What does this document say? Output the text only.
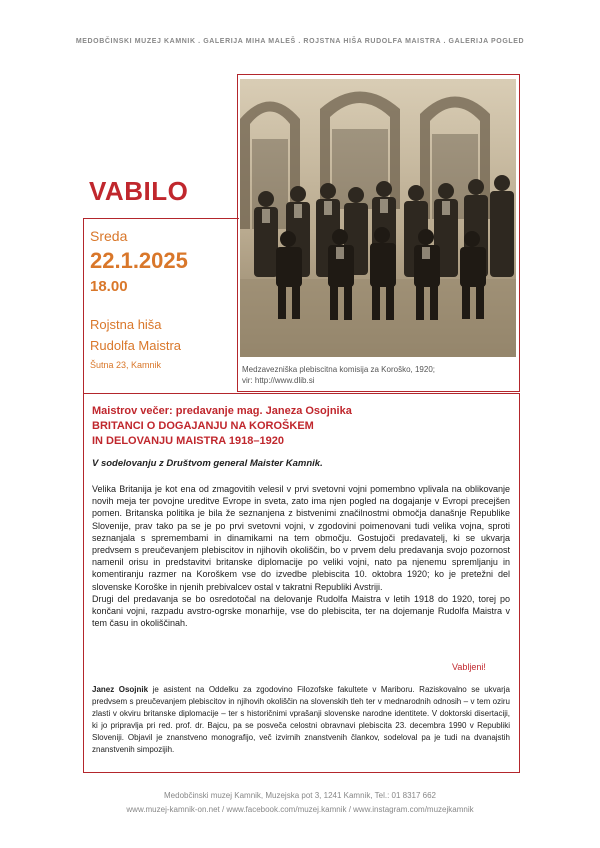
MEDOBČINSKI MUZEJ KAMNIK . GALERIJA MIHA MALEŠ . ROJSTNA HIŠA RUDOLFA MAISTRA . GALERIJA POGLED
VABILO
Sreda
22.1.2025
18.00
Rojstna hiša
Rudolfa Maistra
Šutna 23, Kamnik	Medzavezniška plebiscitna komisija za Koroško, 1920;
vir: http://www.dlib.si
Maistrov večer: predavanje mag. Janeza Osojnika
BRITANCI O DOGAJANJU NA KOROŠKEM
IN DELOVANJU MAISTRA 1918–1920
V sodelovanju z Društvom general Maister Kamnik.

Velika Britanija je kot ena od zmagovitih velesil v prvi svetovni vojni pomembno vplivala na oblikovanje novih meja ter povojne ureditve Evrope in sveta, zato ima njen pogled na dogajanje v Evropi precejšen pomen. Britanska politika je bila že seznanjena z bistvenimi značilnostmi območja današnje Republike Slovenije, prav tako pa se je po prvi svetovni vojni, v zgodovini poimenovani tudi velika vojna, sproti seznanjala s spremembami in dinamikami na tem območju. Gostujoči predavatelj, ki se ukvarja predvsem s preučevanjem plebiscitov in njihovih okoliščin, bo v prvem delu predavanja svojo pozornost namenil orisu in predstavitvi britanske diplomacije po veliki vojni, nato pa njenemu spremljanju in komentiranju razmer na Koroškem vse do izvedbe plebiscita 10. oktobra 1920; ko je pretežni del slovenske Koroške in njenih prebivalcev ostal v takratni Republiki Avstriji.

Drugi del predavanja se bo osredotočal na delovanje Rudolfa Maistra v letih 1918 do 1920, torej po končani vojni, razpadu avstro-ogrske monarhije, vse do plebiscita, ter na dojemanje Rudolfa Maistra v tem času in okoliščinah.

Vabljeni!
Janez Osojnik je asistent na Oddelku za zgodovino Filozofske fakultete v Mariboru. Raziskovalno se ukvarja predvsem s preučevanjem plebiscitov in njihovih okoliščin na slovenskih tleh ter v mednarodnih odnosih – v tem oziru zlasti v okviru britanske diplomacije – ter s historičnimi vprašanji slovenske narodne identitete. V doktorski disertaciji, ki jo pripravlja pri red. prof. dr. Bajcu, pa se posveča celostni obravnavi plebiscita 23. decembra 1990 v Republiki Sloveniji. Objavil je znanstveno monografijo, več izvirnih znanstvenih člankov, sodeloval pa je tudi na dvanajstih znanstvenih simpozijih.
Medobčinski muzej Kamnik, Muzejska pot 3, 1241 Kamnik, Tel.: 01 8317 662
www.muzej-kamnik-on.net / www.facebook.com/muzej.kamnik / www.instagram.com/muzejkamnik
